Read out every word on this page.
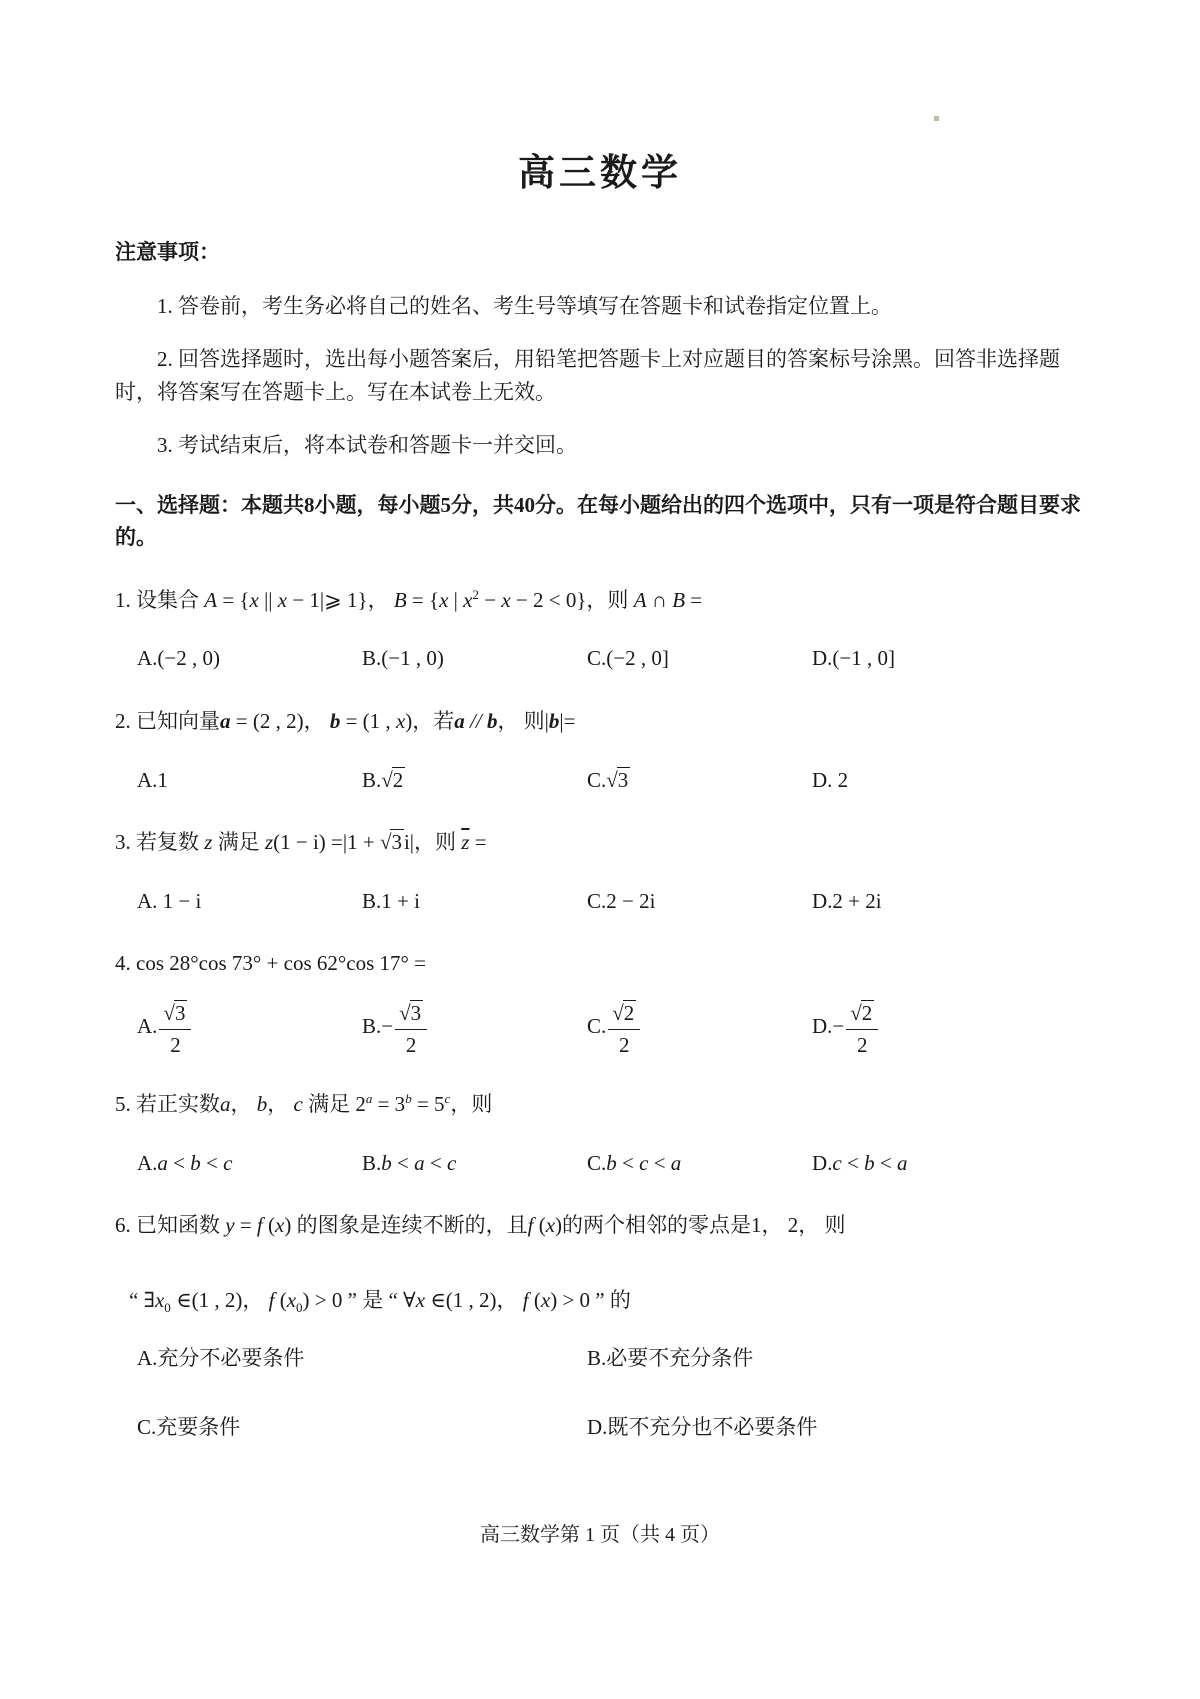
高三数学

注意事项：

1. 答卷前，考生务必将自己的姓名、考生号等填写在答题卡和试卷指定位置上。

2. 回答选择题时，选出每小题答案后，用铅笔把答题卡上对应题目的答案标号涂黑。回答非选择题时，将答案写在答题卡上。写在本试卷上无效。

3. 考试结束后，将本试卷和答题卡一并交回。

一、选择题：本题共8小题，每小题5分，共40分。在每小题给出的四个选项中，只有一项是符合题目要求的。

1. 设集合 A = {x || x − 1|⩾ 1}， B = {x | $x^2 - x - 2 < 0$}，则 A ∩ B =

A.(−2 , 0)	B.(−1 , 0)	C.(−2 , 0]	D.(−1 , 0]

2. 已知向量a = (2 , 2)， b = (1 , x)，若a // b， 则|b|=

A.1	B.√2	C.√3	D. 2

3. 若复数 z 满足 z(1 − i) =|1 + √3i|，则 $\overline{z}$ =

A. 1 − i	B.1 + i	C.2 − 2i	D.2 + 2i

4. cos 28°cos 73° + cos 62°cos 17° =

A. $\frac{√3}{2}$	$B.- \frac{√3}{2}$	C. $\frac{√2}{2}$	$D.- \frac{√2}{2}$

5. 若正实数a， b， c 满足 $2^a = 3^b = 5^c$，则

A.a < b < c	B.b < a < c	C.b < c < a	D.c < b < a

6. 已知函数 y = f (x) 的图象是连续不断的，且f (x)的两个相邻的零点是1， 2， 则

“ $\exists x_0$ ∈(1 , 2)， f $(x_0) > 0$ ” 是 “ ∀x ∈(1 , 2)， f (x) > 0 ” 的

A.充分不必要条件	B.必要不充分条件
C.充要条件	D.既不充分也不必要条件

高三数学第 1 页（共 4 页）
